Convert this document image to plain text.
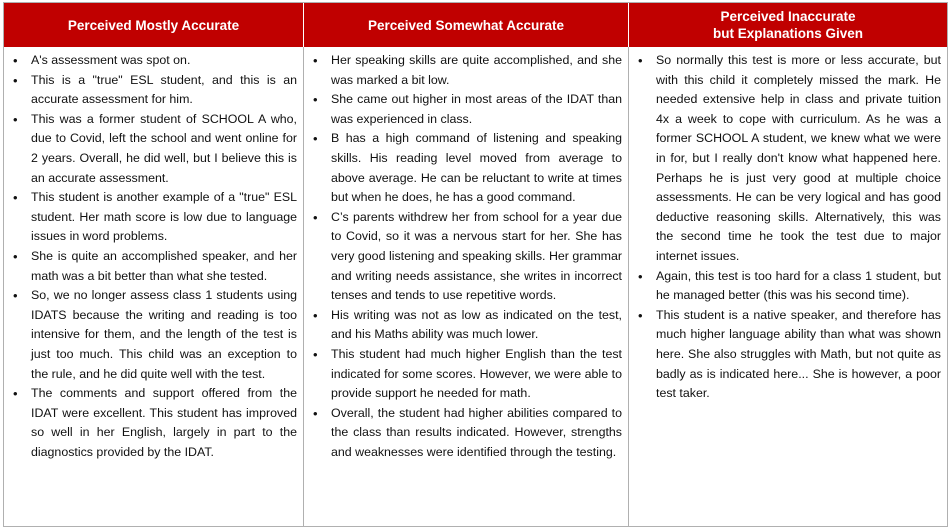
Perceived Mostly Accurate	Perceived Somewhat Accurate
Perceived Inaccurate
but Explanations Given
• A's assessment was spot on.
• This is a "true" ESL student, and this is an accurate assessment for him.
• This was a former student of SCHOOL A who, due to Covid, left the school and went online for 2 years. Overall, he did well, but I believe this is an accurate assessment.
• This student is another example of a "true" ESL student. Her math score is low due to language issues in word problems.
• She is quite an accomplished speaker, and her math was a bit better than what she tested.
• So, we no longer assess class 1 students using IDATS because the writing and reading is too intensive for them, and the length of the test is just too much. This child was an exception to the rule, and he did quite well with the test.
• The comments and support offered from the IDAT were excellent. This student has improved so well in her English, largely in part to the diagnostics provided by the IDAT.
• Her speaking skills are quite accomplished, and she was marked a bit low.
• She came out higher in most areas of the IDAT than was experienced in class.
• B has a high command of listening and speaking skills. His reading level moved from average to above average. He can be reluctant to write at times but when he does, he has a good command.
• C’s parents withdrew her from school for a year due to Covid, so it was a nervous start for her. She has very good listening and speaking skills. Her grammar and writing needs assistance, she writes in incorrect tenses and tends to use repetitive words.
• His writing was not as low as indicated on the test, and his Maths ability was much lower.
• This student had much higher English than the test indicated for some scores. However, we were able to provide support he needed for math.
• Overall, the student had higher abilities compared to the class than results indicated. However, strengths and weaknesses were identified through the testing.
• So normally this test is more or less accurate, but with this child it completely missed the mark. He needed extensive help in class and private tuition 4x a week to cope with curriculum. As he was a former SCHOOL A student, we knew what we were in for, but I really don't know what happened here. Perhaps he is just very good at multiple choice assessments. He can be very logical and has good deductive reasoning skills. Alternatively, this was the second time he took the test due to major internet issues.
• Again, this test is too hard for a class 1 student, but he managed better (this was his second time).
• This student is a native speaker, and therefore has much higher language ability than what was shown here. She also struggles with Math, but not quite as badly as is indicated here... She is however, a poor test taker.
